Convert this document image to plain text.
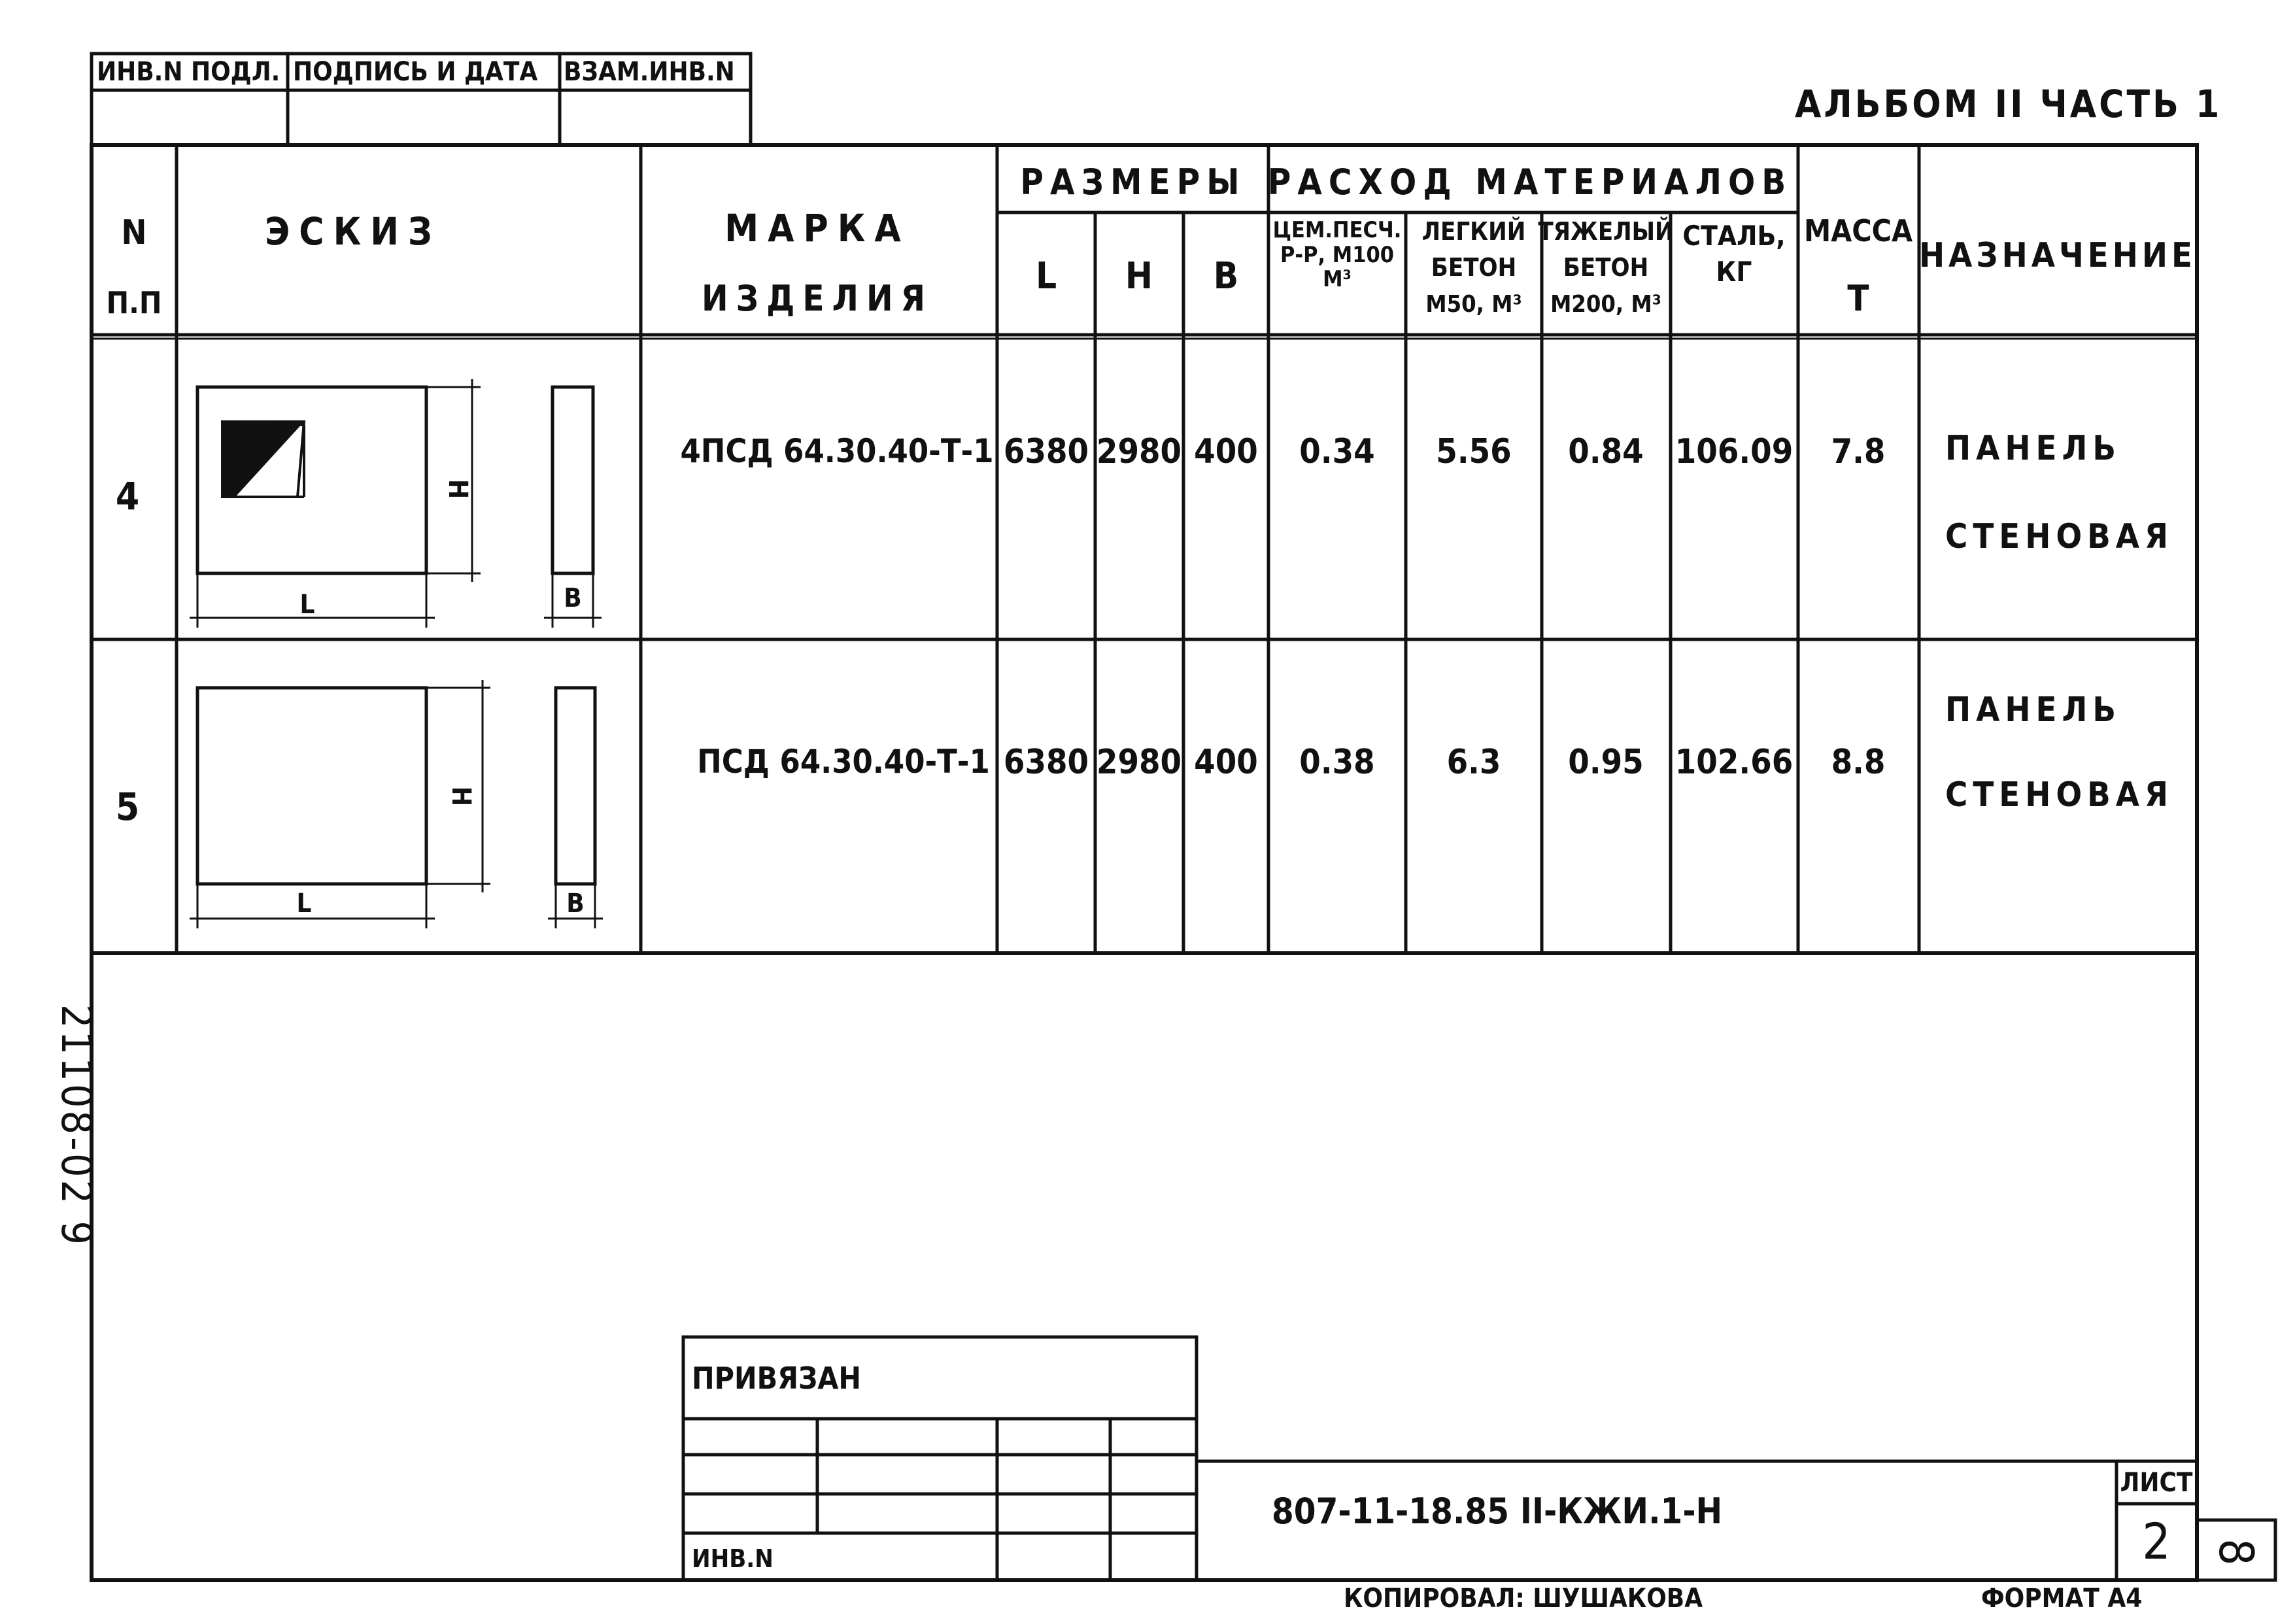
ИНВ.N ПОДЛ. ПОДПИСЬ И ДАТА ВЗАМ.ИНВ.N
АЛЬБОМ II ЧАСТЬ 1
N
П.П
ЭСКИЗ	МАРКА
ИЗДЕЛИЯ
РАЗМЕРЫ
L Н В
РАСХОД МАТЕРИАЛОВ
ЦЕМ.ПЕСЧ.
Р-Р, М100
М³
ЛЕГКИЙ
БЕТОН
М50, М³
ТЯЖЕЛЫЙ
БЕТОН
М200, М³
СТАЛЬ,
КГ
МАССА
Т
НАЗНАЧЕНИЕ
4
4ПСД 64.30.40-Т-1 6380 2980 400 0.34 5.56 0.84 106.09 7.8 ПАНЕЛЬ
СТЕНОВАЯ
L
Н
В
5
ПСД 64.30.40-Т-1 6380 2980 400 0.38 6.3 0.95 102.66 8.8
ПАНЕЛЬ
СТЕНОВАЯ
L
Н
В
21108-02 9
ПРИВЯЗАН
ИНВ.N
807-11-18.85 II-КЖИ.1-Н
ЛИСТ
2
КОПИРОВАЛ: ШУШАКОВА	ФОРМАТ А4
8
